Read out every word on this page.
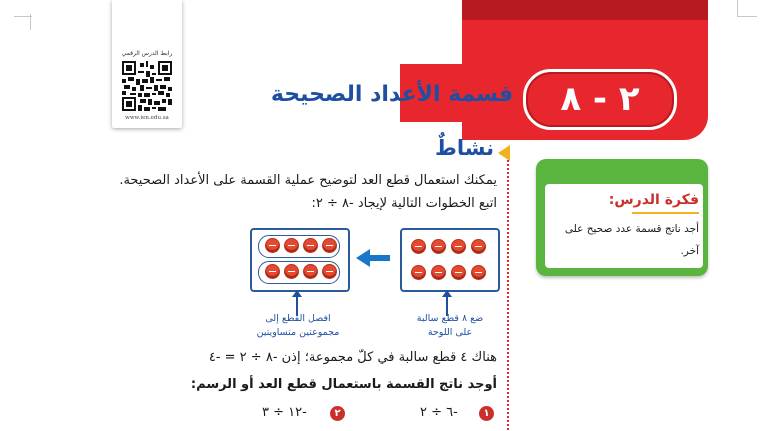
رابط الدرس الرقمي
www.ien.edu.sa	٢ - ٨
قسمة الأعداد الصحيحة
نشاطٌ
يمكنك استعمال قطع العد لتوضيح عملية القسمة على الأعداد الصحيحة.
اتبع الخطوات التالية لإيجاد -٨ ÷ ٢:
ضع ٨ قطع سالبة
على اللوحة
افصل القطع إلى
مجموعتين متساويتين
هناك ٤ قطع سالبة في كلّ مجموعة؛ إذن -٨ ÷ ٢ = -٤
أوجد ناتج القسمة باستعمال قطع العد أو الرسم:
١
-٦ ÷ ٢
٢
-١٢ ÷ ٣
فكرة الدرس:
أجد ناتج قسمة عدد صحيح على آخر.
